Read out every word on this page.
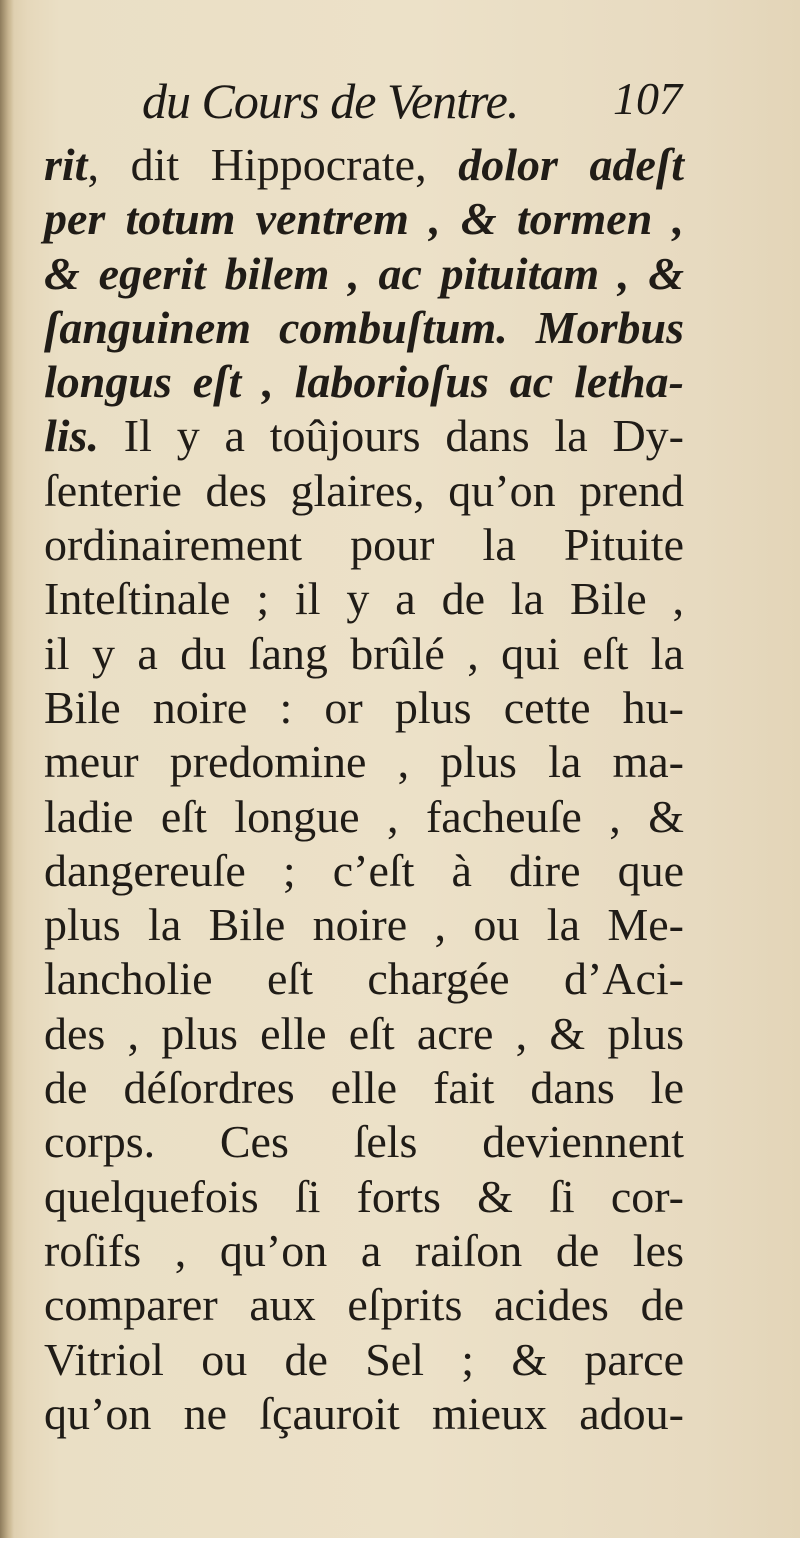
du Cours de Ventre. 107
rit, dit Hippocrate, dolor adeſt
per totum ventrem , & tormen ,
& egerit bilem , ac pituitam , &
ſanguinem combuſtum. Morbus
longus eſt , laborioſus ac letha-
lis. Il y a toûjours dans la Dy-
ſenterie des glaires, qu’on prend
ordinairement pour la Pituite
Inteſtinale ; il y a de la Bile ,
il y a du ſang brûlé , qui eſt la
Bile noire : or plus cette hu-
meur predomine , plus la ma-
ladie eſt longue , facheuſe , &
dangereuſe ; c’eſt à dire que
plus la Bile noire , ou la Me-
lancholie eſt chargée d’Aci-
des , plus elle eſt acre , & plus
de déſordres elle fait dans le
corps. Ces ſels deviennent
quelquefois ſi forts & ſi cor-
roſifs , qu’on a raiſon de les
comparer aux eſprits acides de
Vitriol ou de Sel ; & parce
qu’on ne ſçauroit mieux adou-
